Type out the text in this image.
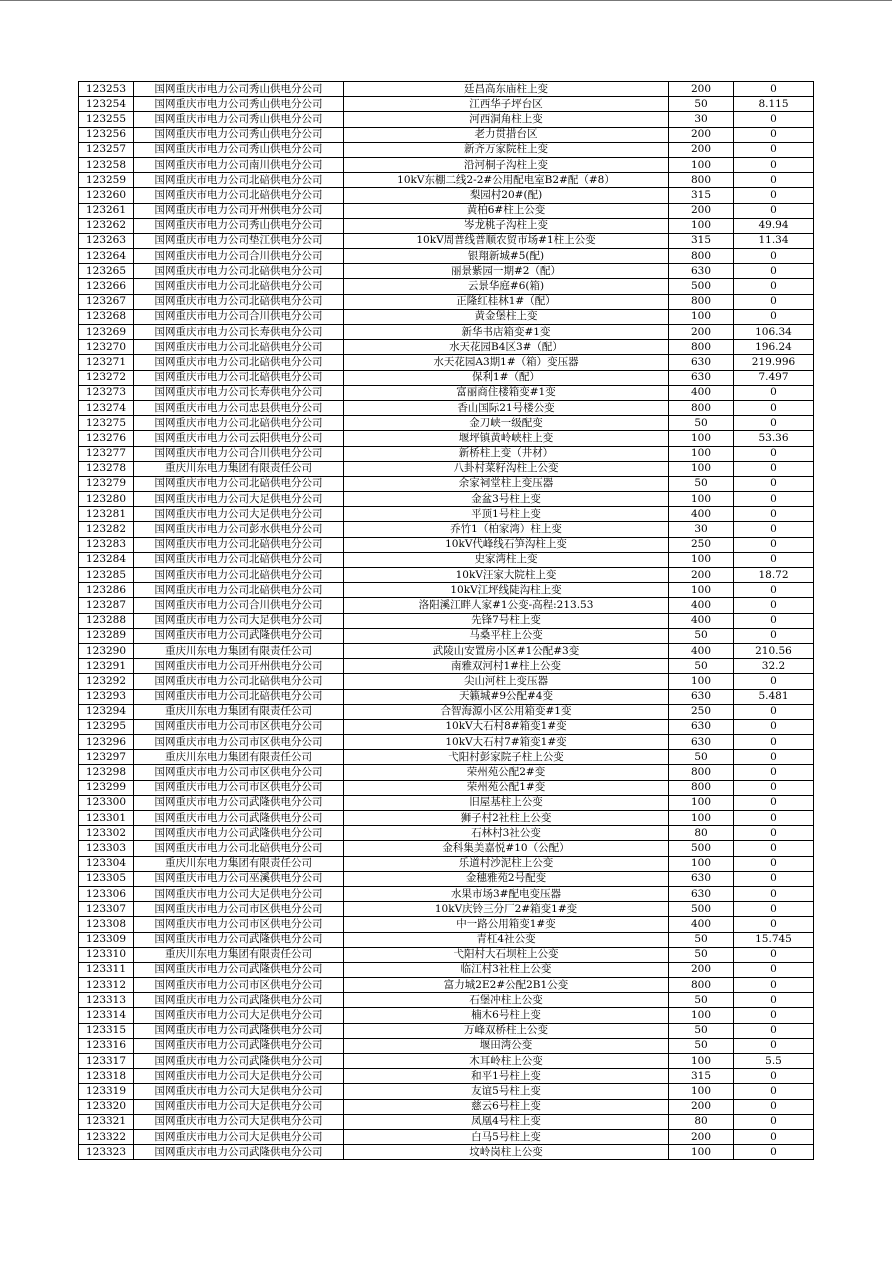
123253	国网重庆市电力公司秀山供电分公司	廷昌高东庙柱上变	200	0
123254	国网重庆市电力公司秀山供电分公司	江西华子坪台区	50	8.115
123255	国网重庆市电力公司秀山供电分公司	河西洞角柱上变	30	0
123256	国网重庆市电力公司秀山供电分公司	老力贯措台区	200	0
123257	国网重庆市电力公司秀山供电分公司	新齐万家院柱上变	200	0
123258	国网重庆市电力公司南川供电分公司	沿河桐子沟柱上变	100	0
123259	国网重庆市电力公司北碚供电分公司	10kV东棚二线2-2#公用配电室B2#配（#8）	800	0
123260	国网重庆市电力公司北碚供电分公司	梨园村20#(配)	315	0
123261	国网重庆市电力公司开州供电分公司	黄柏6#柱上公变	200	0
123262	国网重庆市电力公司秀山供电分公司	岑龙桃子沟柱上变	100	49.94
123263	国网重庆市电力公司垫江供电分公司	10kV周普线普顺农贸市场#1柱上公变	315	11.34
123264	国网重庆市电力公司合川供电分公司	银翔新城#5(配)	800	0
123265	国网重庆市电力公司北碚供电分公司	丽景紫园一期#2（配）	630	0
123266	国网重庆市电力公司北碚供电分公司	云景华庭#6(箱)	500	0
123267	国网重庆市电力公司北碚供电分公司	正隆红桂林1#（配）	800	0
123268	国网重庆市电力公司合川供电分公司	黄金堡柱上变	100	0
123269	国网重庆市电力公司长寿供电分公司	新华书店箱变#1变	200	106.34
123270	国网重庆市电力公司北碚供电分公司	水天花园B4区3#（配）	800	196.24
123271	国网重庆市电力公司北碚供电分公司	水天花园A3期1#（箱）变压器	630	219.996
123272	国网重庆市电力公司北碚供电分公司	保利1#（配）	630	7.497
123273	国网重庆市电力公司长寿供电分公司	富丽商住楼箱变#1变	400	0
123274	国网重庆市电力公司忠县供电分公司	香山国际21号楼公变	800	0
123275	国网重庆市电力公司北碚供电分公司	金刀峡一级配变	50	0
123276	国网重庆市电力公司云阳供电分公司	堰坪镇黄岭峡柱上变	100	53.36
123277	国网重庆市电力公司合川供电分公司	新桥柱上变（井材）	100	0
123278	重庆川东电力集团有限责任公司	八卦村菜籽沟柱上公变	100	0
123279	国网重庆市电力公司北碚供电分公司	余家祠堂柱上变压器	50	0
123280	国网重庆市电力公司大足供电分公司	金盆3号柱上变	100	0
123281	国网重庆市电力公司大足供电分公司	平顶1号柱上变	400	0
123282	国网重庆市电力公司彭水供电分公司	乔竹1（柏家湾）柱上变	30	0
123283	国网重庆市电力公司北碚供电分公司	10kV代峰线石笋沟柱上变	250	0
123284	国网重庆市电力公司北碚供电分公司	史家湾柱上变	100	0
123285	国网重庆市电力公司北碚供电分公司	10kV汪家大院柱上变	200	18.72
123286	国网重庆市电力公司北碚供电分公司	10kV江坪线陡沟柱上变	100	0
123287	国网重庆市电力公司合川供电分公司	洛阳溪江畔人家#1公变-高程:213.53	400	0
123288	国网重庆市电力公司大足供电分公司	先锋7号柱上变	400	0
123289	国网重庆市电力公司武隆供电分公司	马桑平柱上公变	50	0
123290	重庆川东电力集团有限责任公司	武陵山安置房小区#1公配#3变	400	210.56
123291	国网重庆市电力公司开州供电分公司	南雅双河村1#柱上公变	50	32.2
123292	国网重庆市电力公司北碚供电分公司	尖山河柱上变压器	100	0
123293	国网重庆市电力公司北碚供电分公司	天籁城#9公配#4变	630	5.481
123294	重庆川东电力集团有限责任公司	合智海源小区公用箱变#1变	250	0
123295	国网重庆市电力公司市区供电分公司	10kV大石村8#箱变1#变	630	0
123296	国网重庆市电力公司市区供电分公司	10kV大石村7#箱变1#变	630	0
123297	重庆川东电力集团有限责任公司	弋阳村彭家院子柱上公变	50	0
123298	国网重庆市电力公司市区供电分公司	荣州苑公配2#变	800	0
123299	国网重庆市电力公司市区供电分公司	荣州苑公配1#变	800	0
123300	国网重庆市电力公司武隆供电分公司	旧屋基柱上公变	100	0
123301	国网重庆市电力公司武隆供电分公司	狮子村2社柱上公变	100	0
123302	国网重庆市电力公司武隆供电分公司	石林村3社公变	80	0
123303	国网重庆市电力公司北碚供电分公司	金科集美嘉悦#10（公配）	500	0
123304	重庆川东电力集团有限责任公司	乐道村沙泥柱上公变	100	0
123305	国网重庆市电力公司巫溪供电分公司	金穗雅苑2号配变	630	0
123306	国网重庆市电力公司大足供电分公司	水果市场3#配电变压器	630	0
123307	国网重庆市电力公司市区供电分公司	10kV庆铃三分厂2#箱变1#变	500	0
123308	国网重庆市电力公司市区供电分公司	中一路公用箱变1#变	400	0
123309	国网重庆市电力公司武隆供电分公司	青杠4社公变	50	15.745
123310	重庆川东电力集团有限责任公司	弋阳村大石坝柱上公变	50	0
123311	国网重庆市电力公司武隆供电分公司	临江村3社柱上公变	200	0
123312	国网重庆市电力公司市区供电分公司	富力城2E2#公配2B1公变	800	0
123313	国网重庆市电力公司武隆供电分公司	石堡冲柱上公变	50	0
123314	国网重庆市电力公司大足供电分公司	楠木6号柱上变	100	0
123315	国网重庆市电力公司武隆供电分公司	万峰双桥柱上公变	50	0
123316	国网重庆市电力公司武隆供电分公司	堰田湾公变	50	0
123317	国网重庆市电力公司武隆供电分公司	木耳岭柱上公变	100	5.5
123318	国网重庆市电力公司大足供电分公司	和平1号柱上变	315	0
123319	国网重庆市电力公司大足供电分公司	友谊5号柱上变	100	0
123320	国网重庆市电力公司大足供电分公司	慈云6号柱上变	200	0
123321	国网重庆市电力公司大足供电分公司	凤凰4号柱上变	80	0
123322	国网重庆市电力公司大足供电分公司	白马5号柱上变	200	0
123323	国网重庆市电力公司武隆供电分公司	坟岭岗柱上公变	100	0
